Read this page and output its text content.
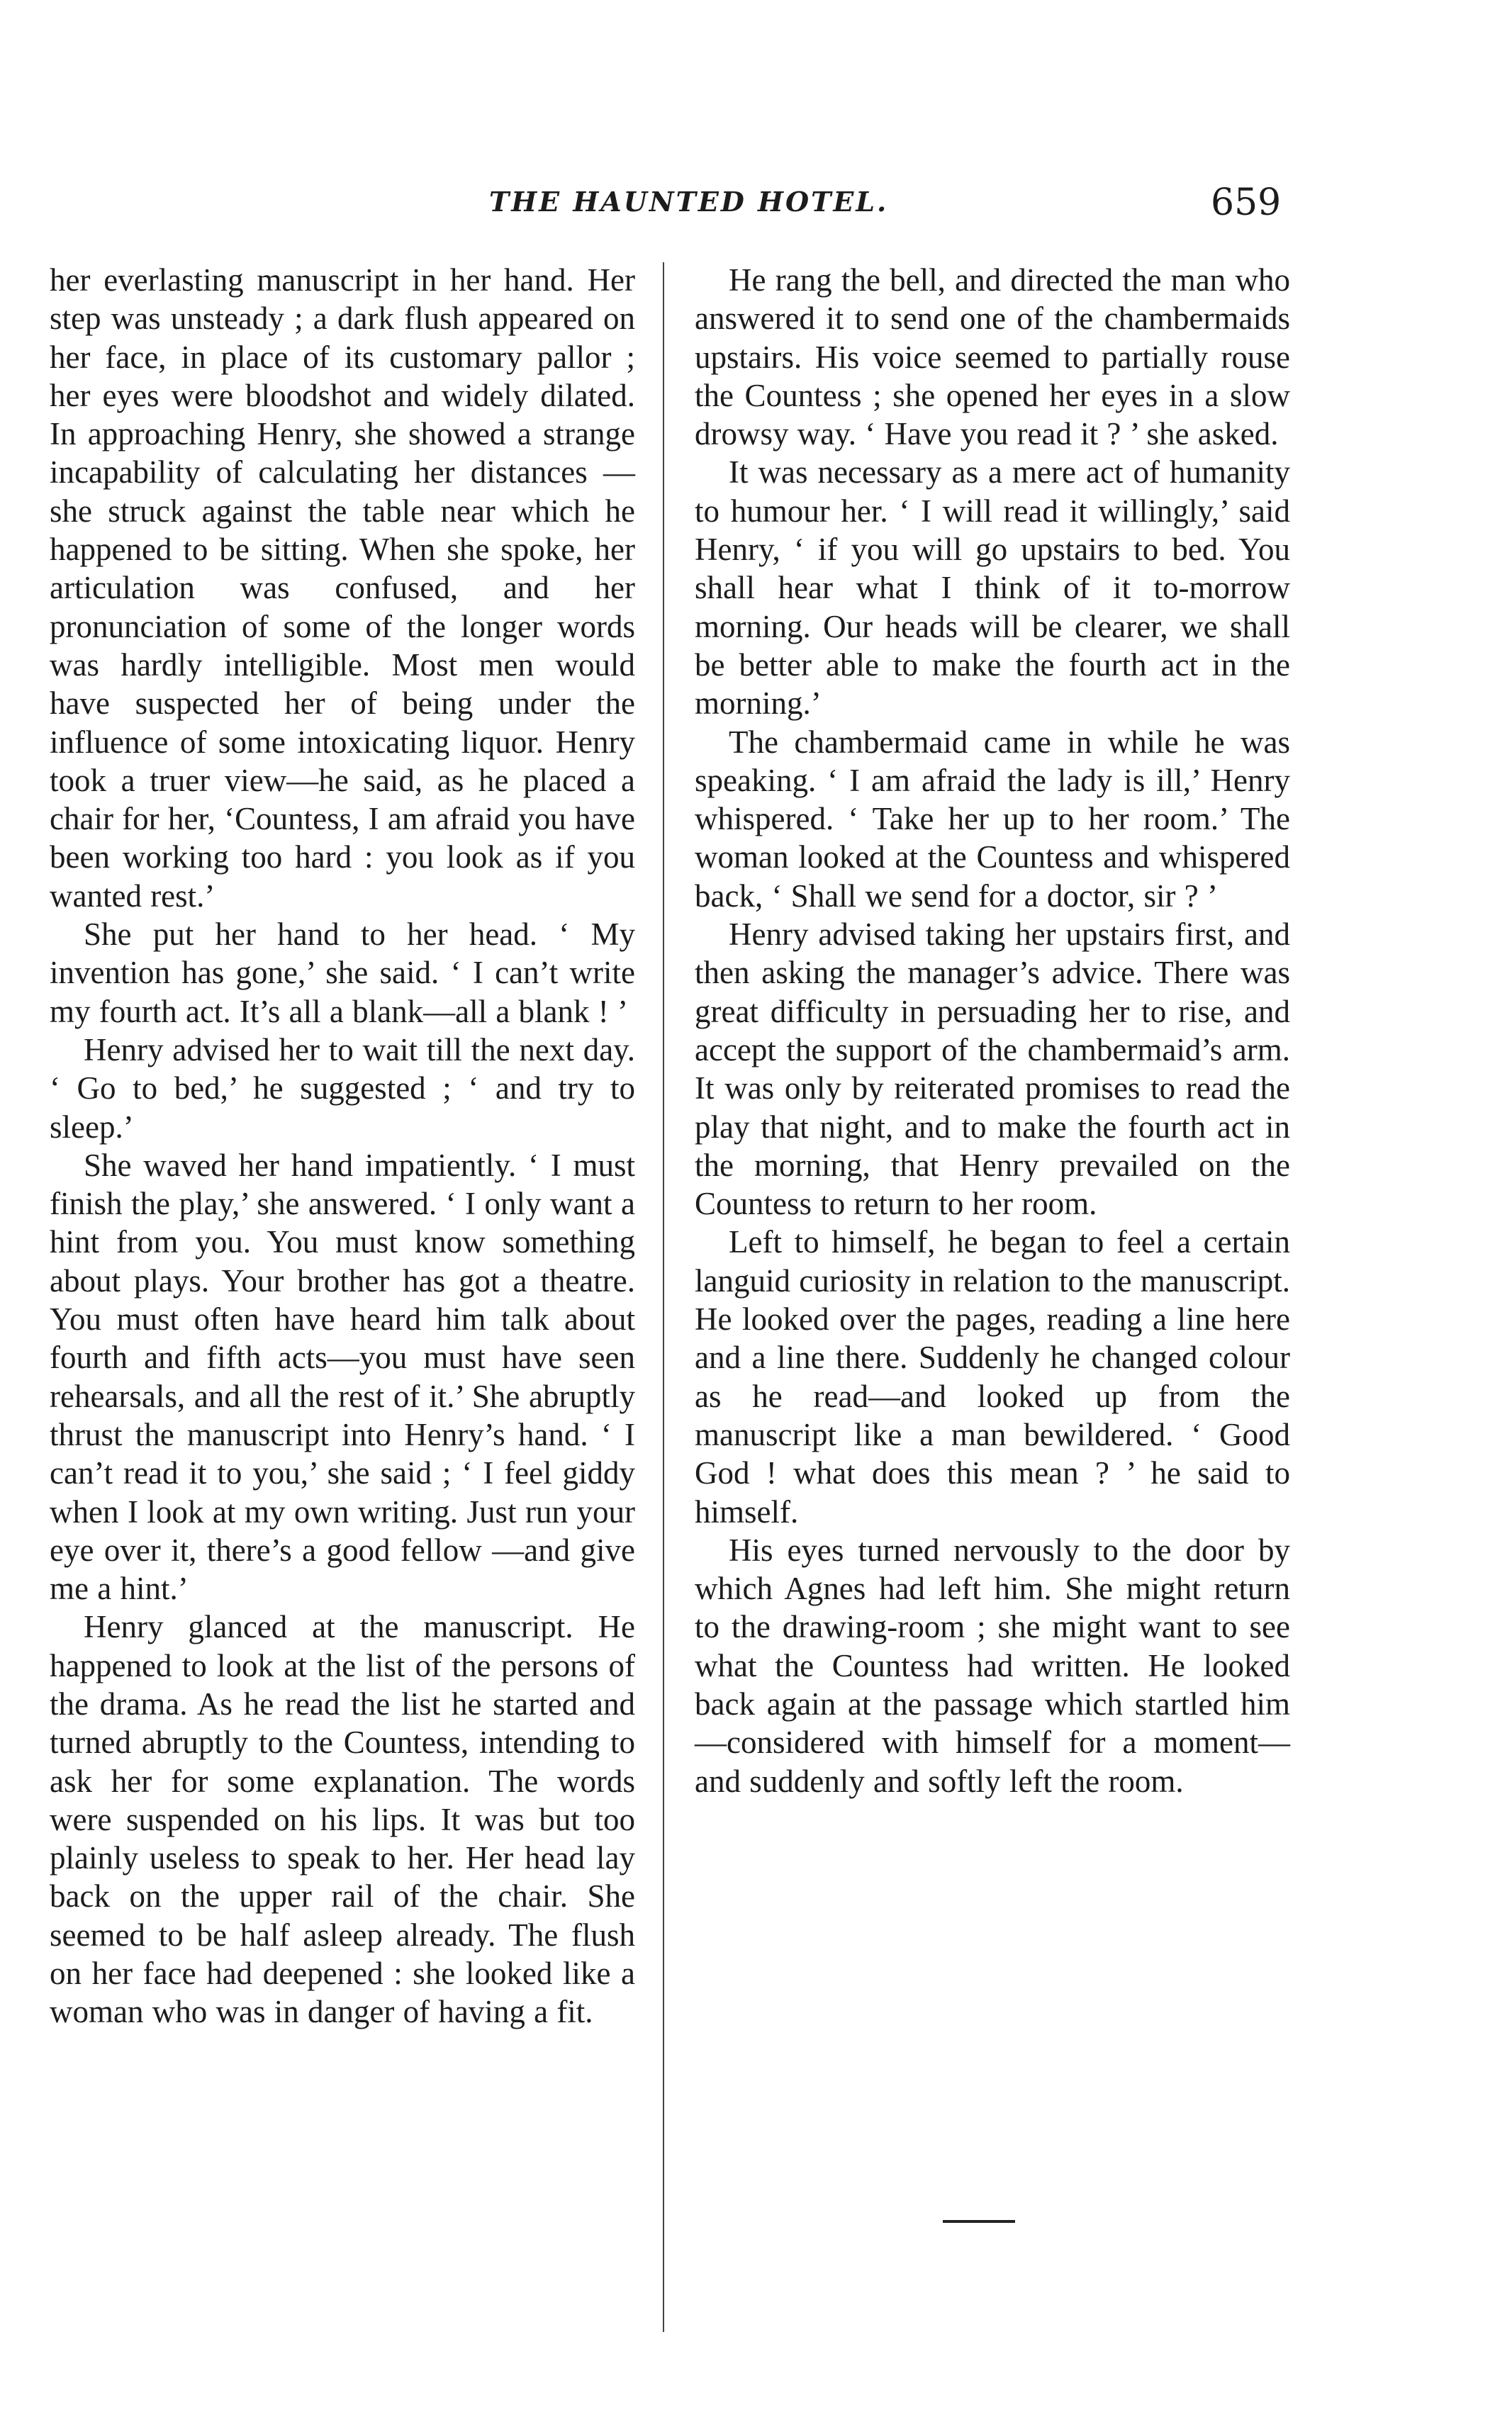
THE HAUNTED HOTEL.	659

her everlasting manuscript in her hand. Her step was unsteady ; a dark flush appeared on her face, in place of its customary pallor ; her eyes were bloodshot and widely dilated. In approaching Henry, she showed a strange incapability of calculating her distances —she struck against the table near which he happened to be sitting. When she spoke, her articulation was confused, and her pronunciation of some of the longer words was hardly intelligible. Most men would have suspected her of being under the influence of some intoxicating liquor. Henry took a truer view—he said, as he placed a chair for her, ‘Countess, I am afraid you have been working too hard : you look as if you wanted rest.’

She put her hand to her head. ‘ My invention has gone,’ she said. ‘ I can’t write my fourth act. It’s all a blank—all a blank ! ’

Henry advised her to wait till the next day. ‘ Go to bed,’ he suggested ; ‘ and try to sleep.’

She waved her hand impatiently. ‘ I must finish the play,’ she answered. ‘ I only want a hint from you. You must know something about plays. Your brother has got a theatre. You must often have heard him talk about fourth and fifth acts—you must have seen rehearsals, and all the rest of it.’ She abruptly thrust the manuscript into Henry’s hand. ‘ I can’t read it to you,’ she said ; ‘ I feel giddy when I look at my own writing. Just run your eye over it, there’s a good fellow —and give me a hint.’

Henry glanced at the manuscript. He happened to look at the list of the persons of the drama. As he read the list he started and turned abruptly to the Countess, intending to ask her for some explanation. The words were suspended on his lips. It was but too plainly useless to speak to her. Her head lay back on the upper rail of the chair. She seemed to be half asleep already. The flush on her face had deepened : she looked like a woman who was in danger of having a fit.

He rang the bell, and directed the man who answered it to send one of the chambermaids upstairs. His voice seemed to partially rouse the Countess ; she opened her eyes in a slow drowsy way. ‘ Have you read it ? ’ she asked.

It was necessary as a mere act of humanity to humour her. ‘ I will read it willingly,’ said Henry, ‘ if you will go upstairs to bed. You shall hear what I think of it to-morrow morning. Our heads will be clearer, we shall be better able to make the fourth act in the morning.’

The chambermaid came in while he was speaking. ‘ I am afraid the lady is ill,’ Henry whispered. ‘ Take her up to her room.’ The woman looked at the Countess and whispered back, ‘ Shall we send for a doctor, sir ? ’

Henry advised taking her upstairs first, and then asking the manager’s advice. There was great difficulty in persuading her to rise, and accept the support of the chambermaid’s arm. It was only by reiterated promises to read the play that night, and to make the fourth act in the morning, that Henry prevailed on the Countess to return to her room.

Left to himself, he began to feel a certain languid curiosity in relation to the manuscript. He looked over the pages, reading a line here and a line there. Suddenly he changed colour as he read—and looked up from the manuscript like a man bewildered. ‘ Good God ! what does this mean ? ’ he said to himself.

His eyes turned nervously to the door by which Agnes had left him. She might return to the drawing-room ; she might want to see what the Countess had written. He looked back again at the passage which startled him—considered with himself for a moment—and suddenly and softly left the room.
